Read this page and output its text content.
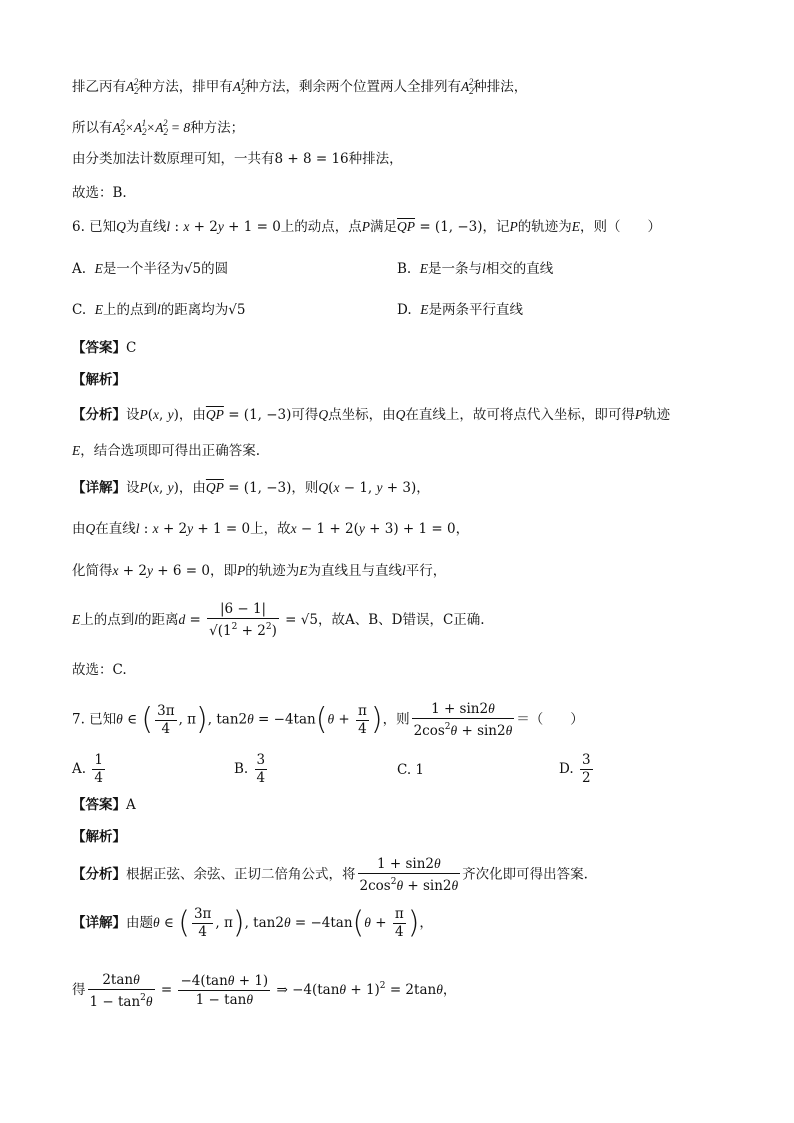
排乙丙有$A_2^2$种方法，排甲有$A_2^1$种方法，剩余两个位置两人全排列有$A_2^2$种排法，
所以有$A_2^2\times A_2^1\times A_2^2 = 8$种方法；
由分类加法计数原理可知，一共有8 + 8 = 16种排法，
故选：B.
6. 已知Q为直线l : x + 2y + 1 = 0上的动点，点P满足$\overline{QP} = (1$, −3)，记P的轨迹为E，则（　　）
A.  E是一个半径为√5的圆	B.  E是一条与l相交的直线
C.  E上的点到l的距离均为√5	D.  E是两条平行直线
【答案】C
【解析】
【分析】设P(x, y)，由$\overline{QP} = (1$, −3)可得Q点坐标，由Q在直线上，故可将点代入坐标，即可得P轨迹
E，结合选项即可得出正确答案.
【详解】设P(x, y)，由$\overline{QP} = (1$, −3)，则Q(x − 1, y + 3)，
由Q在直线l : x + 2y + 1 = 0上，故x − 1 + 2(y + 3) + 1 = 0，
化简得x + 2y + 6 = 0，即P的轨迹为E为直线且与直线l平行，
E上的点到l的距离$d = \frac{|6 - 1|}{√(1^2 + 2^2)} = √5$，故A、B、D错误，C正确.
故选：C.
7. 已知θ ∈ ( $\frac{3\pi}{4}$ , π), $\tan 2\theta = -4\tan(\theta + \frac{\pi}{4}$ )，则 $\frac{1 + \sin 2\theta}{2\cos^2\theta + \sin 2\theta}$ ＝（　　）
A. $\frac{1}{4}$	B. $\frac{3}{4}$	C. 1	D. $\frac{3}{2}$
【答案】A
【解析】
【分析】根据正弦、余弦、正切二倍角公式，将 $\frac{1 + \sin 2\theta}{2\cos^2\theta + \sin 2\theta}$ 齐次化即可得出答案.
【详解】由题θ ∈ ( $\frac{3\pi}{4}$ , π), $\tan 2\theta = -4\tan(\theta + \frac{\pi}{4}$ )，
得 $\frac{2\tan\theta}{1 - \tan^2\theta} = \frac{-4(\tan\theta + 1)}{1 - \tan\theta}$ ⇒ $-4(\tan\theta + 1)^2 = 2\tan\theta$，
